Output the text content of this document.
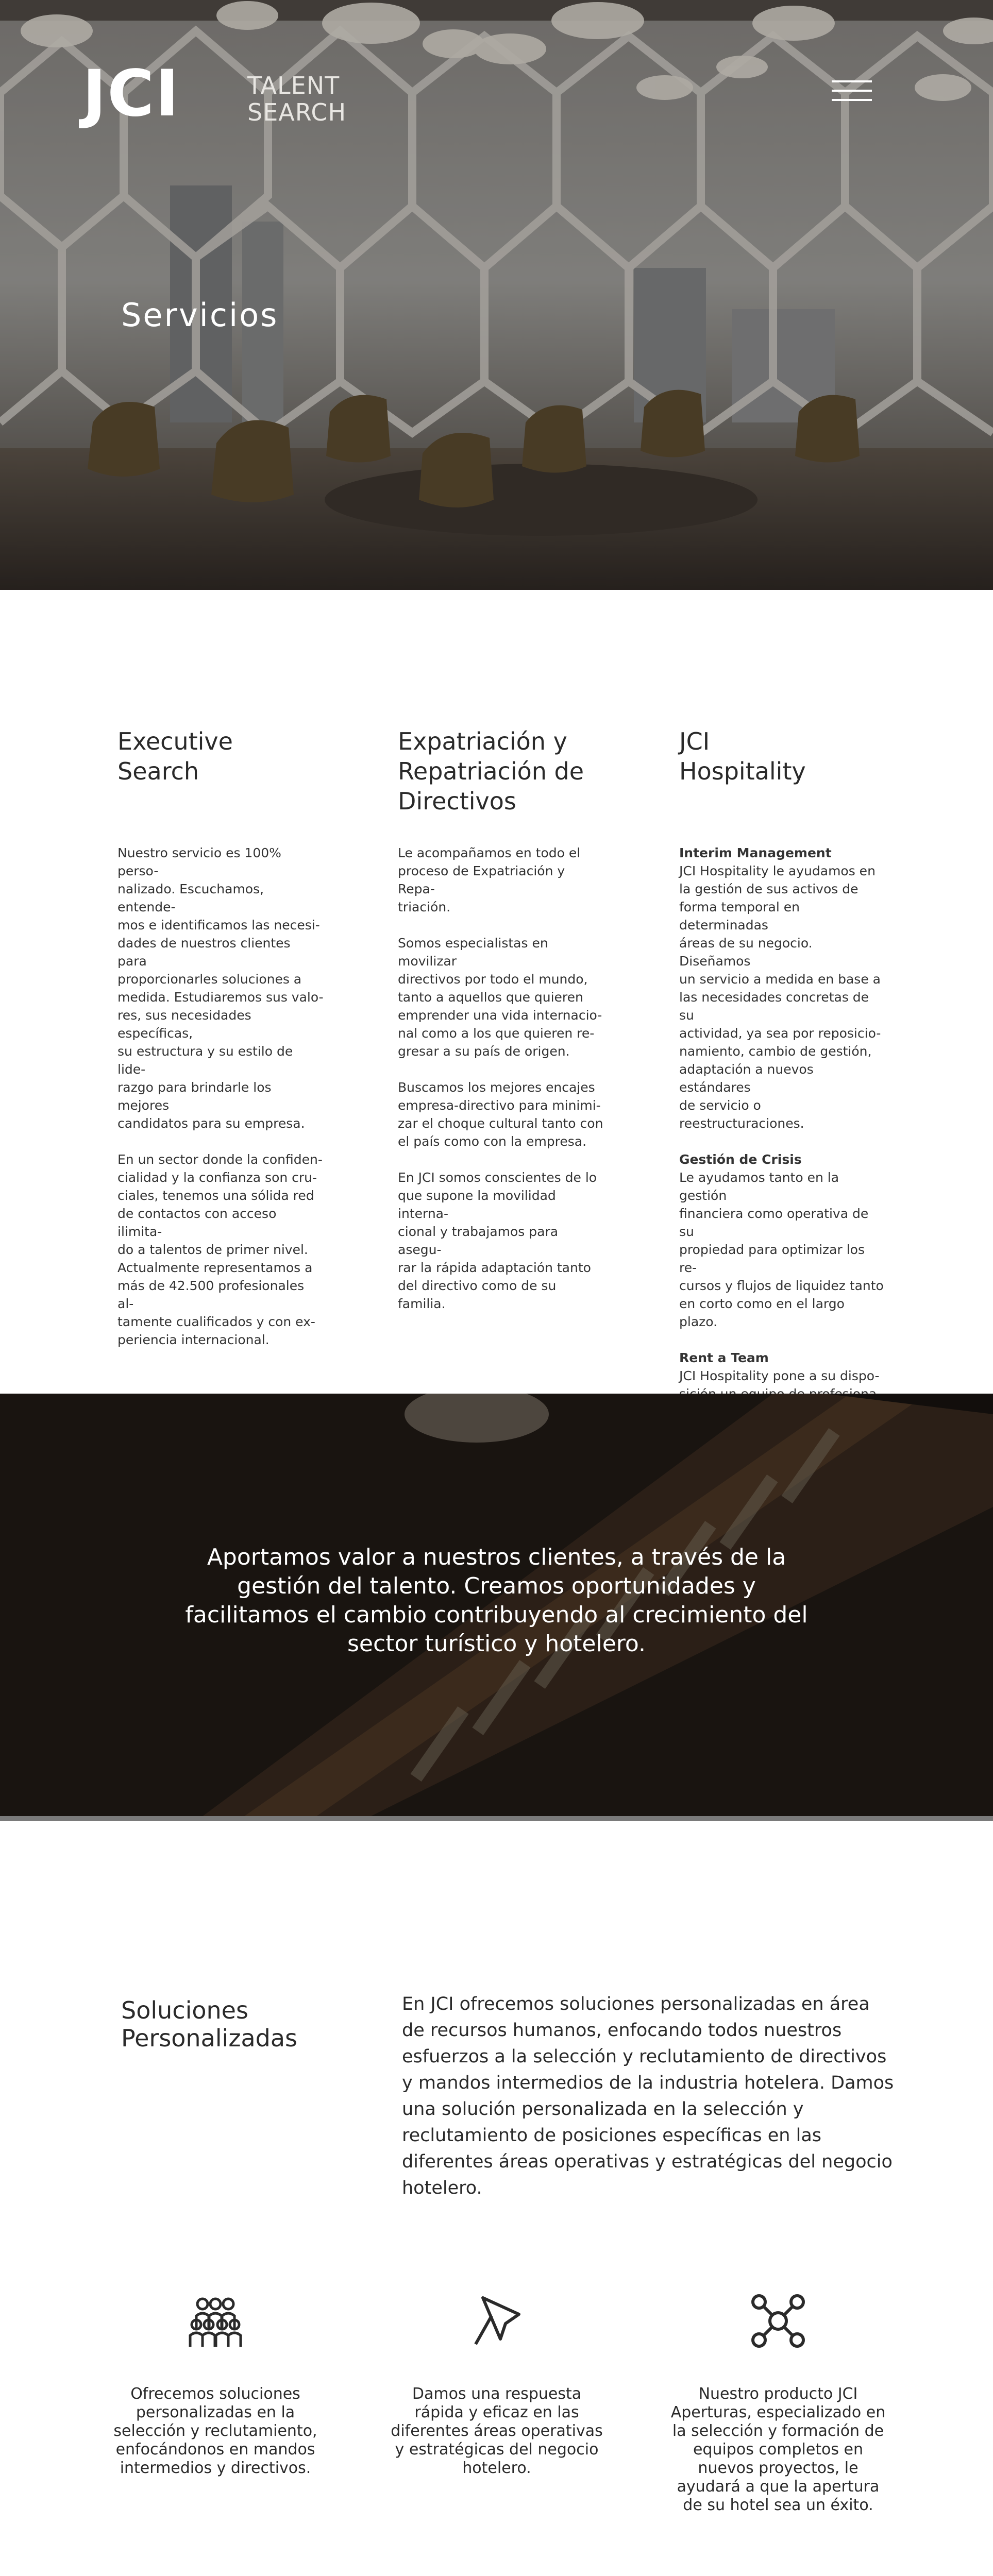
JCI	TALENT
SEARCH
Servicios
Executive
Search

Nuestro servicio es 100% perso-
nalizado. Escuchamos, entende-
mos e identificamos las necesi-
dades de nuestros clientes para
proporcionarles soluciones a
medida. Estudiaremos sus valo-
res, sus necesidades específicas,
su estructura y su estilo de lide-
razgo para brindarle los mejores
candidatos para su empresa.

En un sector donde la confiden-
cialidad y la confianza son cru-
ciales, tenemos una sólida red
de contactos con acceso ilimita-
do a talentos de primer nivel.
Actualmente representamos a
más de 42.500 profesionales al-
tamente cualificados y con ex-
periencia internacional.

Expatriación y
Repatriación de
Directivos

Le acompañamos en todo el
proceso de Expatriación y Repa-
triación.

Somos especialistas en movilizar
directivos por todo el mundo,
tanto a aquellos que quieren
emprender una vida internacio-
nal como a los que quieren re-
gresar a su país de origen.

Buscamos los mejores encajes
empresa-directivo para minimi-
zar el choque cultural tanto con
el país como con la empresa.

En JCI somos conscientes de lo
que supone la movilidad interna-
cional y trabajamos para asegu-
rar la rápida adaptación tanto
del directivo como de su familia.

JCI
Hospitality

Interim Management
JCI Hospitality le ayudamos en
la gestión de sus activos de
forma temporal en determinadas
áreas de su negocio. Diseñamos
un servicio a medida en base a
las necesidades concretas de su
actividad, ya sea por reposicio-
namiento, cambio de gestión,
adaptación a nuevos estándares
de servicio o reestructuraciones.

Gestión de Crisis
Le ayudamos tanto en la gestión
financiera como operativa de su
propiedad para optimizar los re-
cursos y flujos de liquidez tanto
en corto como en el largo plazo.

Rent a Team
JCI Hospitality pone a su dispo-

Aportamos valor a nuestros clientes, a través de la
gestión del talento. Creamos oportunidades y
facilitamos el cambio contribuyendo al crecimiento del
sector turístico y hotelero.
Soluciones
Personalizadas

En JCI ofrecemos soluciones personalizadas en área de recursos humanos, enfocando todos nuestros esfuerzos a la selección y reclutamiento de directivos y mandos intermedios de la industria hotelera. Damos una solución personalizada en la selección y reclutamiento de posiciones específicas en las diferentes áreas operativas y estratégicas del negocio hotelero.

Ofrecemos soluciones
personalizadas en la
selección y reclutamiento,
enfocándonos en mandos
intermedios y directivos.
Damos una respuesta
rápida y eficaz en las
diferentes áreas operativas
y estratégicas del negocio
hotelero.
Nuestro producto JCI
Aperturas, especializado en
la selección y formación de
equipos completos en
nuevos proyectos, le
ayudará a que la apertura
de su hotel sea un éxito.
